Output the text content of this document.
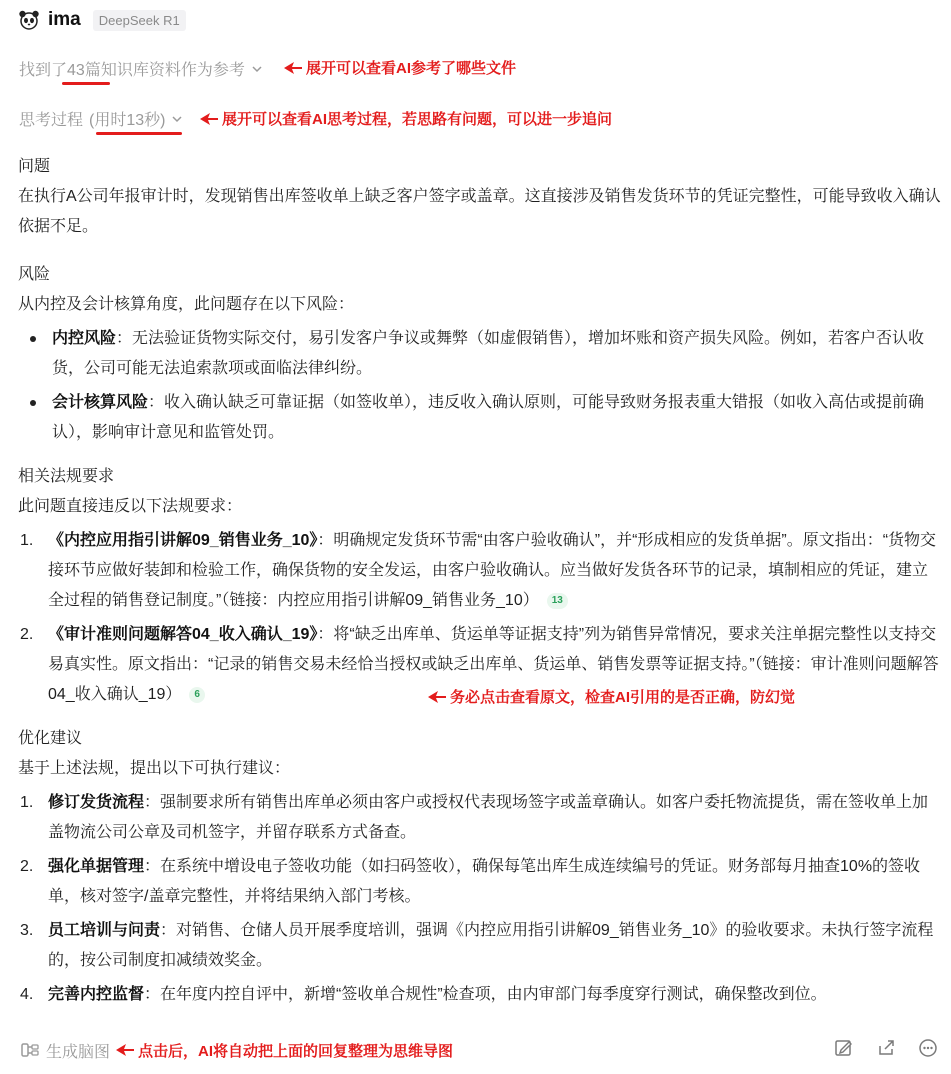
ima	DeepSeek R1
找到了 43篇 知识库资料作为参考	展开可以查看AI参考了哪些文件
思考过程 (用时13秒)	展开可以查看AI思考过程，若思路有问题，可以进一步追问

问题

在执行A公司年报审计时，发现销售出库签收单上缺乏客户签字或盖章。这直接涉及销售发货环节的凭证完整性，可能导致收入确认依据不足。

风险

从内控及会计核算角度，此问题存在以下风险：

内控风险：无法验证货物实际交付，易引发客户争议或舞弊（如虚假销售），增加坏账和资产损失风险。例如，若客户否认收货，公司可能无法追索款项或面临法律纠纷。
会计核算风险：收入确认缺乏可靠证据（如签收单），违反收入确认原则，可能导致财务报表重大错报（如收入高估或提前确认），影响审计意见和监管处罚。

相关法规要求

此问题直接违反以下法规要求：

1. 《内控应用指引讲解09_销售业务_10》：明确规定发货环节需“由客户验收确认”，并“形成相应的发货单据”。原文指出：“货物交接环节应做好装卸和检验工作，确保货物的安全发运，由客户验收确认。应当做好发货各环节的记录，填制相应的凭证，建立全过程的销售登记制度。”（链接：内控应用指引讲解09_销售业务_10） 13
2. 《审计准则问题解答04_收入确认_19》：将“缺乏出库单、货运单等证据支持”列为销售异常情况，要求关注单据完整性以支持交易真实性。原文指出：“记录的销售交易未经恰当授权或缺乏出库单、货运单、销售发票等证据支持。”（链接：审计准则问题解答04_收入确认_19） 6

优化建议

基于上述法规，提出以下可执行建议：

1. 修订发货流程：强制要求所有销售出库单必须由客户或授权代表现场签字或盖章确认。如客户委托物流提货，需在签收单上加盖物流公司公章及司机签字，并留存联系方式备查。
2. 强化单据管理：在系统中增设电子签收功能（如扫码签收），确保每笔出库生成连续编号的凭证。财务部每月抽查10%的签收单，核对签字/盖章完整性，并将结果纳入部门考核。
3. 员工培训与问责：对销售、仓储人员开展季度培训，强调《内控应用指引讲解09_销售业务_10》的验收要求。未执行签字流程的，按公司制度扣减绩效奖金。
4. 完善内控监督：在年度内控自评中，新增“签收单合规性”检查项，由内审部门每季度穿行测试，确保整改到位。
务必点击查看原文，检查AI引用的是否正确，防幻觉
生成脑图 点击后，AI将自动把上面的回复整理为思维导图
